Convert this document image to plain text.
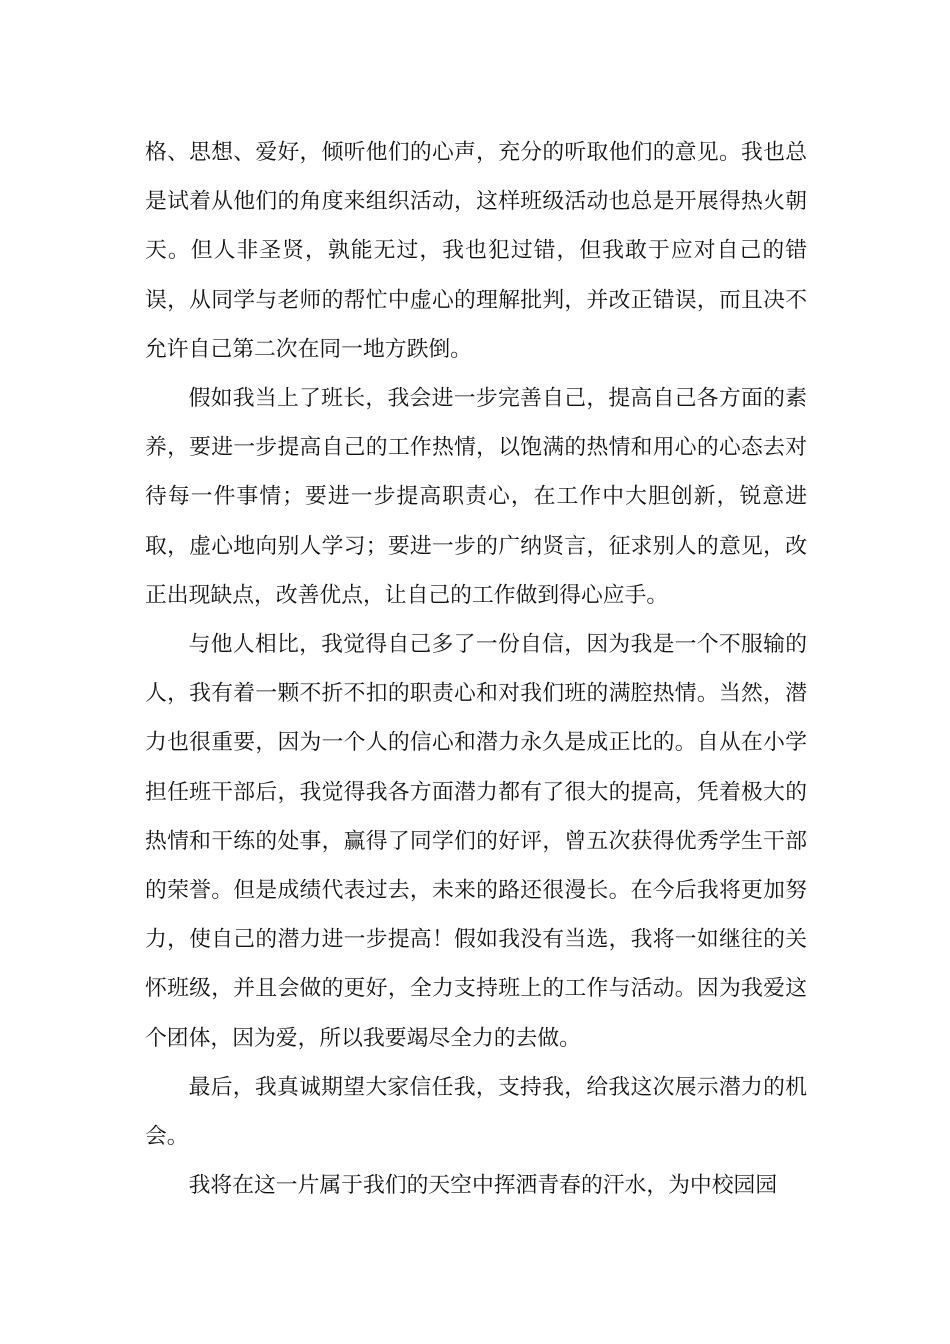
格、思想、爱好，倾听他们的心声，充分的听取他们的意见。我也总是试着从他们的角度来组织活动，这样班级活动也总是开展得热火朝天。但人非圣贤，孰能无过，我也犯过错，但我敢于应对自己的错误，从同学与老师的帮忙中虚心的理解批判，并改正错误，而且决不允许自己第二次在同一地方跌倒。

假如我当上了班长，我会进一步完善自己，提高自己各方面的素养，要进一步提高自己的工作热情，以饱满的热情和用心的心态去对待每一件事情；要进一步提高职责心，在工作中大胆创新，锐意进取，虚心地向别人学习；要进一步的广纳贤言，征求别人的意见，改正出现缺点，改善优点，让自己的工作做到得心应手。

与他人相比，我觉得自己多了一份自信，因为我是一个不服输的人，我有着一颗不折不扣的职责心和对我们班的满腔热情。当然，潜力也很重要，因为一个人的信心和潜力永久是成正比的。自从在小学担任班干部后，我觉得我各方面潜力都有了很大的提高，凭着极大的热情和干练的处事，赢得了同学们的好评，曾五次获得优秀学生干部的荣誉。但是成绩代表过去，未来的路还很漫长。在今后我将更加努力，使自己的潜力进一步提高！假如我没有当选，我将一如继往的关怀班级，并且会做的更好，全力支持班上的工作与活动。因为我爱这个团体，因为爱，所以我要竭尽全力的去做。

最后，我真诚期望大家信任我，支持我，给我这次展示潜力的机会。

我将在这一片属于我们的天空中挥洒青春的汗水，为中校园园
